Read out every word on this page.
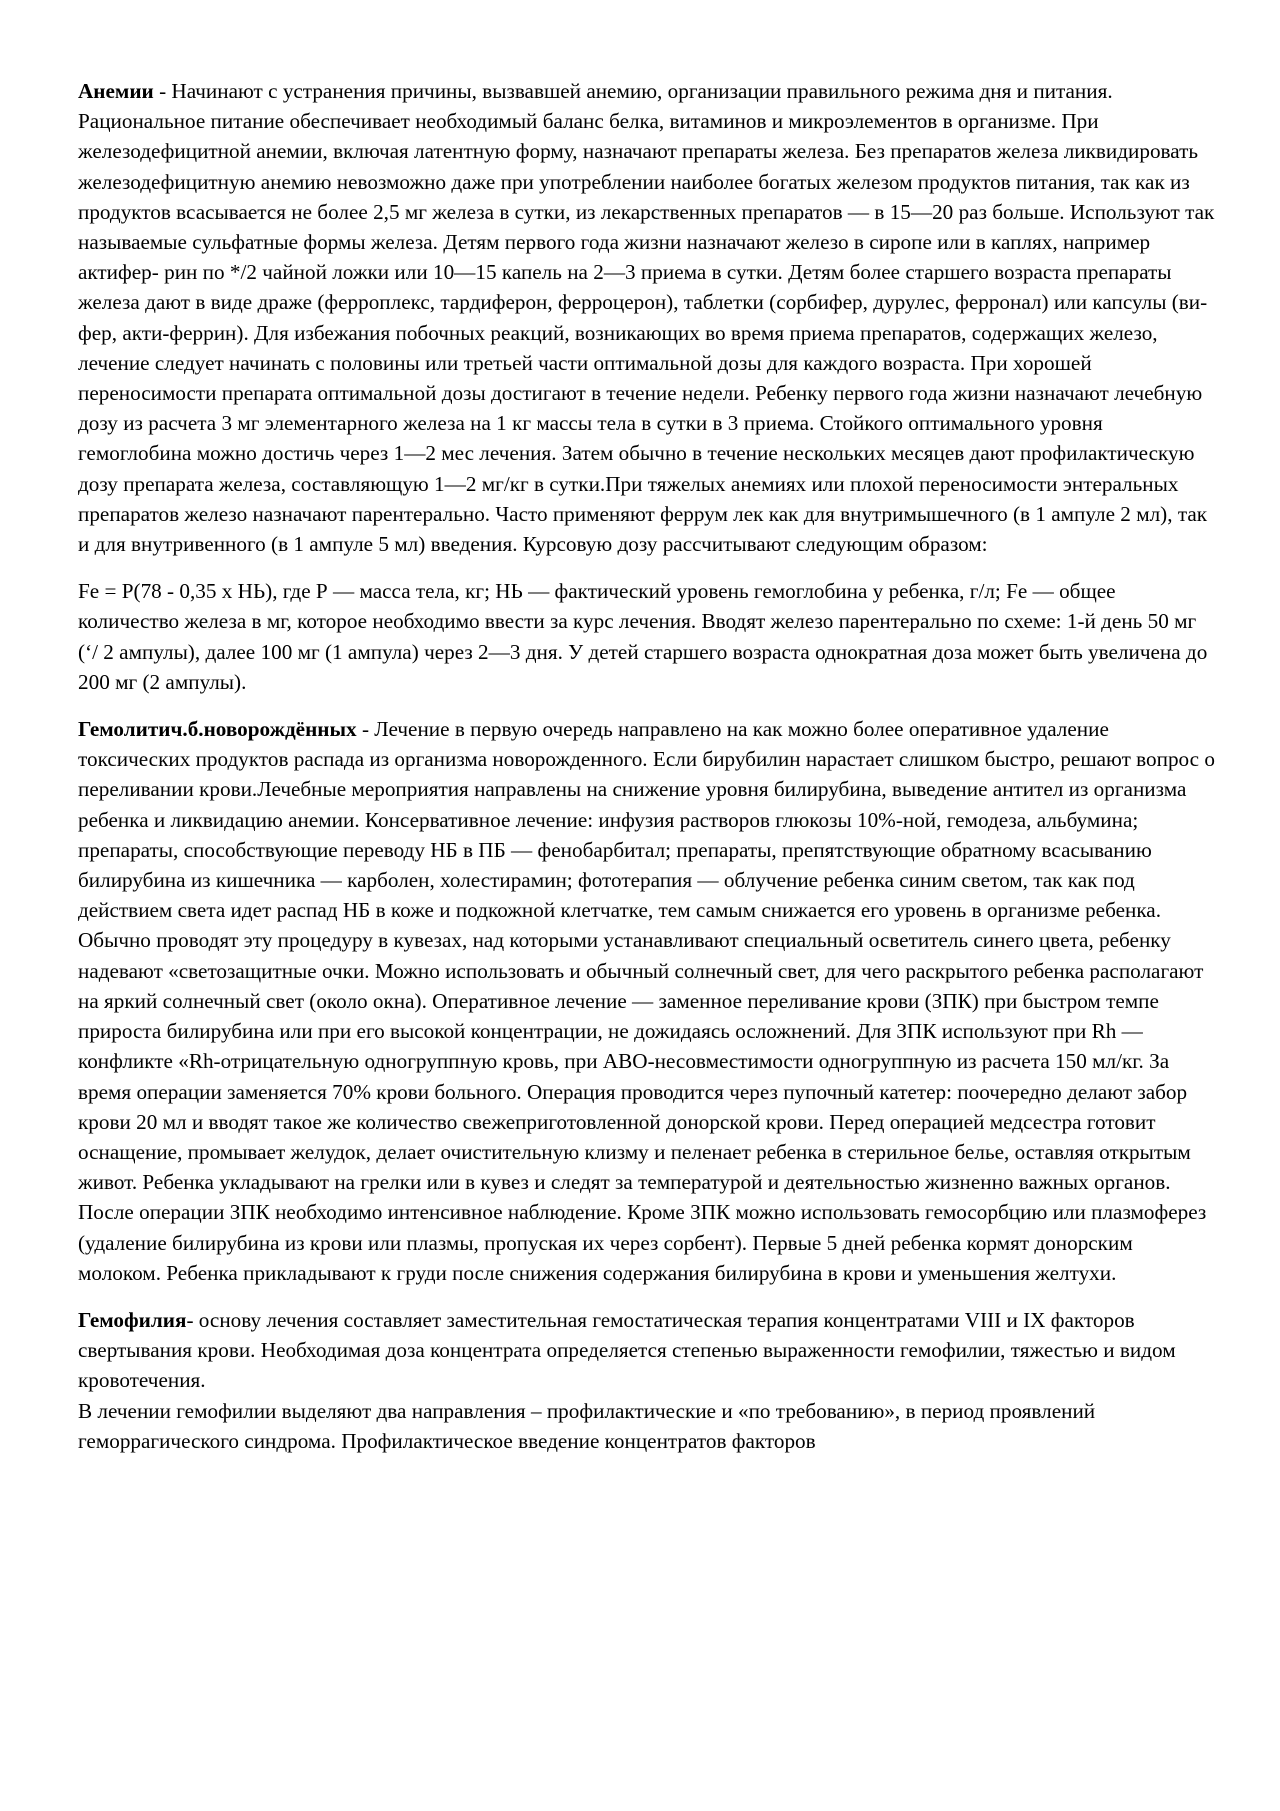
Анемии - Начинают с устранения причины, вызвавшей анемию, организации правильного режима дня и питания. Рациональное питание обеспечивает необходимый баланс белка, витаминов и микроэлементов в организме. При железодефицитной анемии, включая латентную форму, назначают препараты железа. Без препаратов железа ликвидировать железодефицитную анемию невозможно даже при употреблении наиболее богатых железом продуктов питания, так как из продуктов всасывается не более 2,5 мг железа в сутки, из лекарственных препаратов — в 15—20 раз больше. Используют так называемые сульфатные формы железа. Детям первого года жизни назначают железо в сиропе или в каплях, например актифер- рин по */2 чайной ложки или 10—15 капель на 2—3 приема в сутки. Детям более старшего возраста препараты железа дают в виде драже (ферроплекс, тардиферон, ферроцерон), таблетки (сорбифер, дурулес, ферронал) или капсулы (ви-фер, акти-феррин). Для избежания побочных реакций, возникающих во время приема препаратов, содержащих железо, лечение следует начинать с половины или третьей части оптимальной дозы для каждого возраста. При хорошей переносимости препарата оптимальной дозы достигают в течение недели. Ребенку первого года жизни назначают лечебную дозу из расчета 3 мг элементарного железа на 1 кг массы тела в сутки в 3 приема. Стойкого оптимального уровня гемоглобина можно достичь через 1—2 мес лечения. Затем обычно в течение нескольких месяцев дают профилактическую дозу препарата железа, составляющую 1—2 мг/кг в сутки.При тяжелых анемиях или плохой переносимости энтеральных препаратов железо назначают парентерально. Часто применяют феррум лек как для внутримышечного (в 1 ампуле 2 мл), так и для внутривенного (в 1 ампуле 5 мл) введения. Курсовую дозу рассчитывают следующим образом:

Fe = P(78 - 0,35 х НЬ), где Р — масса тела, кг; НЬ — фактический уровень гемоглобина у ребенка, г/л; Fe — общее количество железа в мг, которое необходимо ввести за курс лечения. Вводят железо парентерально по схеме: 1-й день 50 мг (‘/ 2 ампулы), далее 100 мг (1 ампула) через 2—3 дня. У детей старшего возраста однократная доза может быть увеличена до 200 мг (2 ампулы).

Гемолитич.б.новорождённых - Лечение в первую очередь направлено на как можно более оперативное удаление токсических продуктов распада из организма новорожденного. Если бирубилин нарастает слишком быстро, решают вопрос о переливании крови.Лечебные мероприятия направлены на снижение уровня билирубина, выведение антител из организма ребенка и ликвидацию анемии. Консервативное лечение: инфузия растворов глюкозы 10%-ной, гемодеза, альбумина; препараты, способствующие переводу НБ в ПБ — фенобарбитал; препараты, препятствующие обратному всасыванию билирубина из кишечника — карболен, холестирамин; фототерапия — облучение ребенка синим светом, так как под действием света идет распад НБ в коже и подкожной клетчатке, тем самым снижается его уровень в организме ребенка. Обычно проводят эту процедуру в кувезах, над которыми устанавливают специальный осветитель синего цвета, ребенку надевают «светозащитные очки. Можно использовать и обычный солнечный свет, для чего раскрытого ребенка располагают на яркий солнечный свет (около окна). Оперативное лечение — заменное переливание крови (ЗПК) при быстром темпе прироста билирубина или при его высокой концентрации, не дожидаясь осложнений. Для ЗПК используют при Rh — конфликте «Rh-отрицательную одногруппную кровь, при АВО-несовместимости одногруппную из расчета 150 мл/кг. За время операции заменяется 70% крови больного. Операция проводится через пупочный катетер: поочередно делают забор крови 20 мл и вводят такое же количество свежеприготовленной донорской крови. Перед операцией медсестра готовит оснащение, промывает желудок, делает очистительную клизму и пеленает ребенка в стерильное белье, оставляя открытым живот. Ребенка укладывают на грелки или в кувез и следят за температурой и деятельностью жизненно важных органов. После операции ЗПК необходимо интенсивное наблюдение. Кроме ЗПК можно использовать гемосорбцию или плазмоферез (удаление билирубина из крови или плазмы, пропуская их через сорбент). Первые 5 дней ребенка кормят донорским молоком. Ребенка прикладывают к груди после снижения содержания билирубина в крови и уменьшения желтухи.

Гемофилия- основу лечения составляет заместительная гемостатическая терапия концентратами VIII и IX факторов свертывания крови. Необходимая доза концентрата определяется степенью выраженности гемофилии, тяжестью и видом кровотечения.

В лечении гемофилии выделяют два направления – профилактические и «по требованию», в период проявлений геморрагического синдрома. Профилактическое введение концентратов факторов
